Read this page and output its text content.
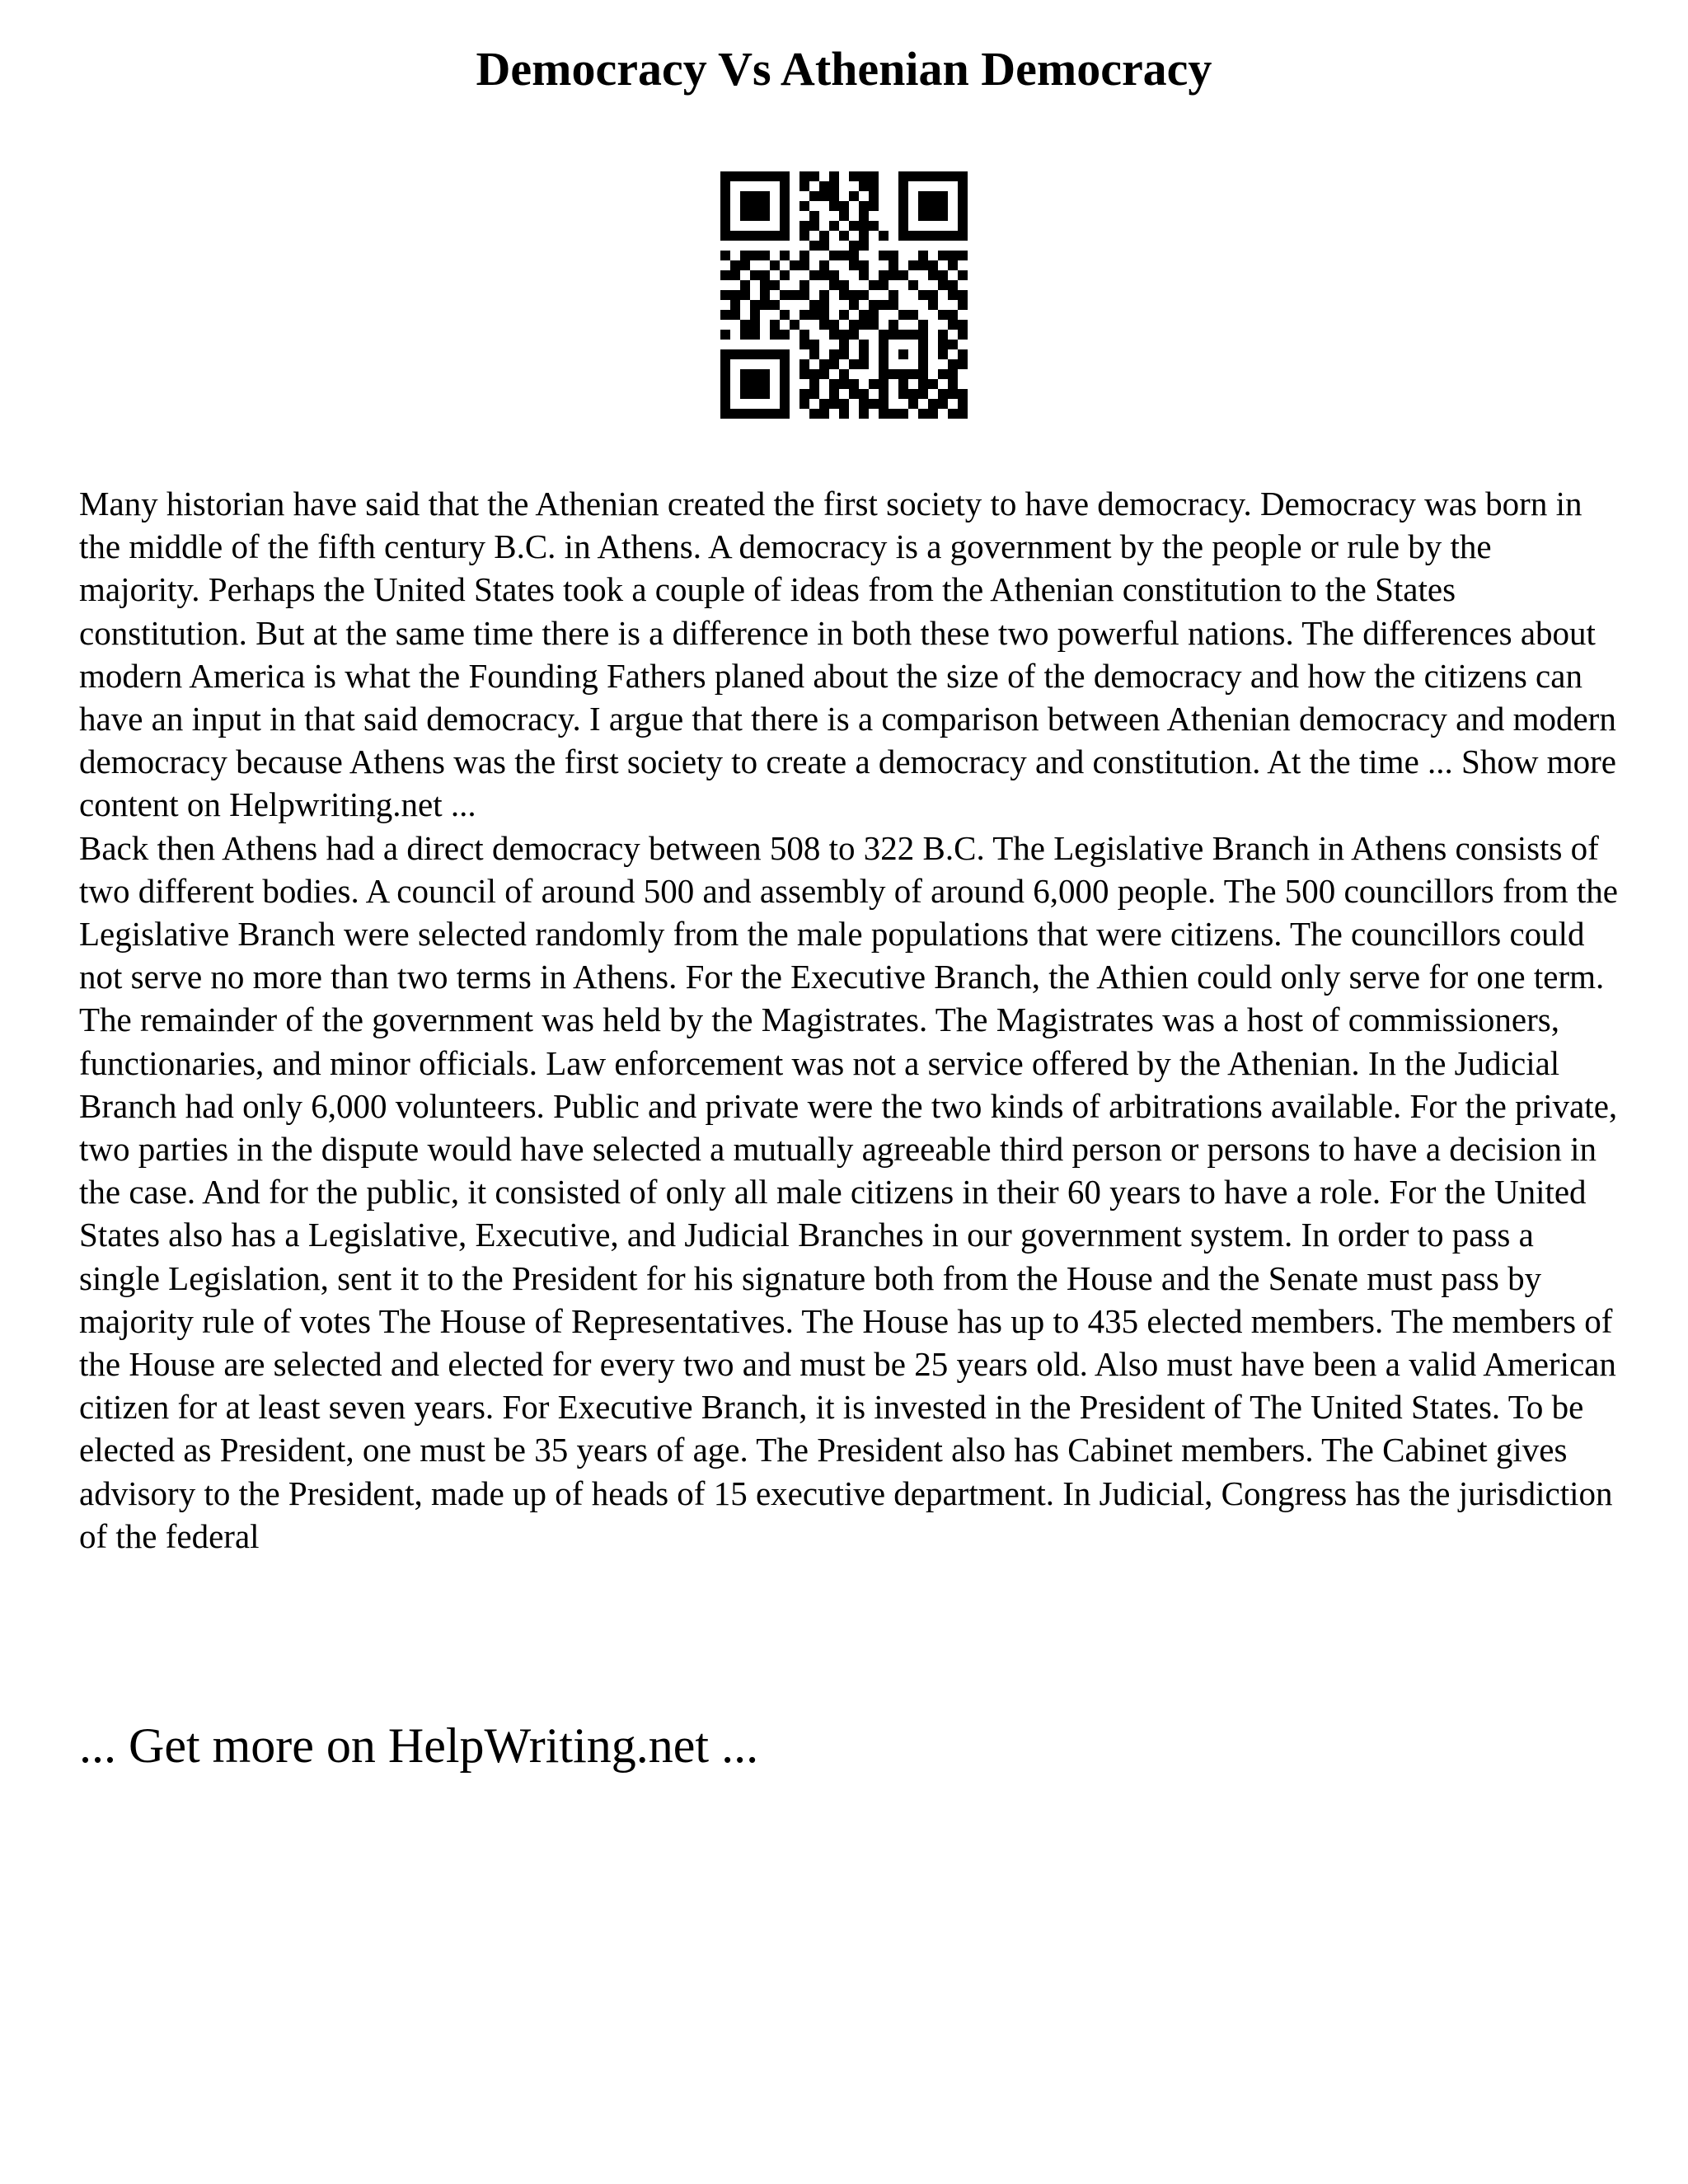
Democracy Vs Athenian Democracy

Many historian have said that the Athenian created the first society to have democracy. Democracy was born in the middle of the fifth century B.C. in Athens. A democracy is a government by the people or rule by the majority. Perhaps the United States took a couple of ideas from the Athenian constitution to the States constitution. But at the same time there is a difference in both these two powerful nations. The differences about modern America is what the Founding Fathers planed about the size of the democracy and how the citizens can have an input in that said democracy. I argue that there is a comparison between Athenian democracy and modern democracy because Athens was the first society to create a democracy and constitution. At the time ... Show more content on Helpwriting.net ...

Back then Athens had a direct democracy between 508 to 322 B.C. The Legislative Branch in Athens consists of two different bodies. A council of around 500 and assembly of around 6,000 people. The 500 councillors from the Legislative Branch were selected randomly from the male populations that were citizens. The councillors could not serve no more than two terms in Athens. For the Executive Branch, the Athien could only serve for one term. The remainder of the government was held by the Magistrates. The Magistrates was a host of commissioners, functionaries, and minor officials. Law enforcement was not a service offered by the Athenian. In the Judicial Branch had only 6,000 volunteers. Public and private were the two kinds of arbitrations available. For the private, two parties in the dispute would have selected a mutually agreeable third person or persons to have a decision in the case. And for the public, it consisted of only all male citizens in their 60 years to have a role. For the United States also has a Legislative, Executive, and Judicial Branches in our government system. In order to pass a single Legislation, sent it to the President for his signature both from the House and the Senate must pass by majority rule of votes The House of Representatives. The House has up to 435 elected members. The members of the House are selected and elected for every two and must be 25 years old. Also must have been a valid American citizen for at least seven years. For Executive Branch, it is invested in the President of The United States. To be elected as President, one must be 35 years of age. The President also has Cabinet members. The Cabinet gives advisory to the President, made up of heads of 15 executive department. In Judicial, Congress has the jurisdiction of the federal

... Get more on HelpWriting.net ...
